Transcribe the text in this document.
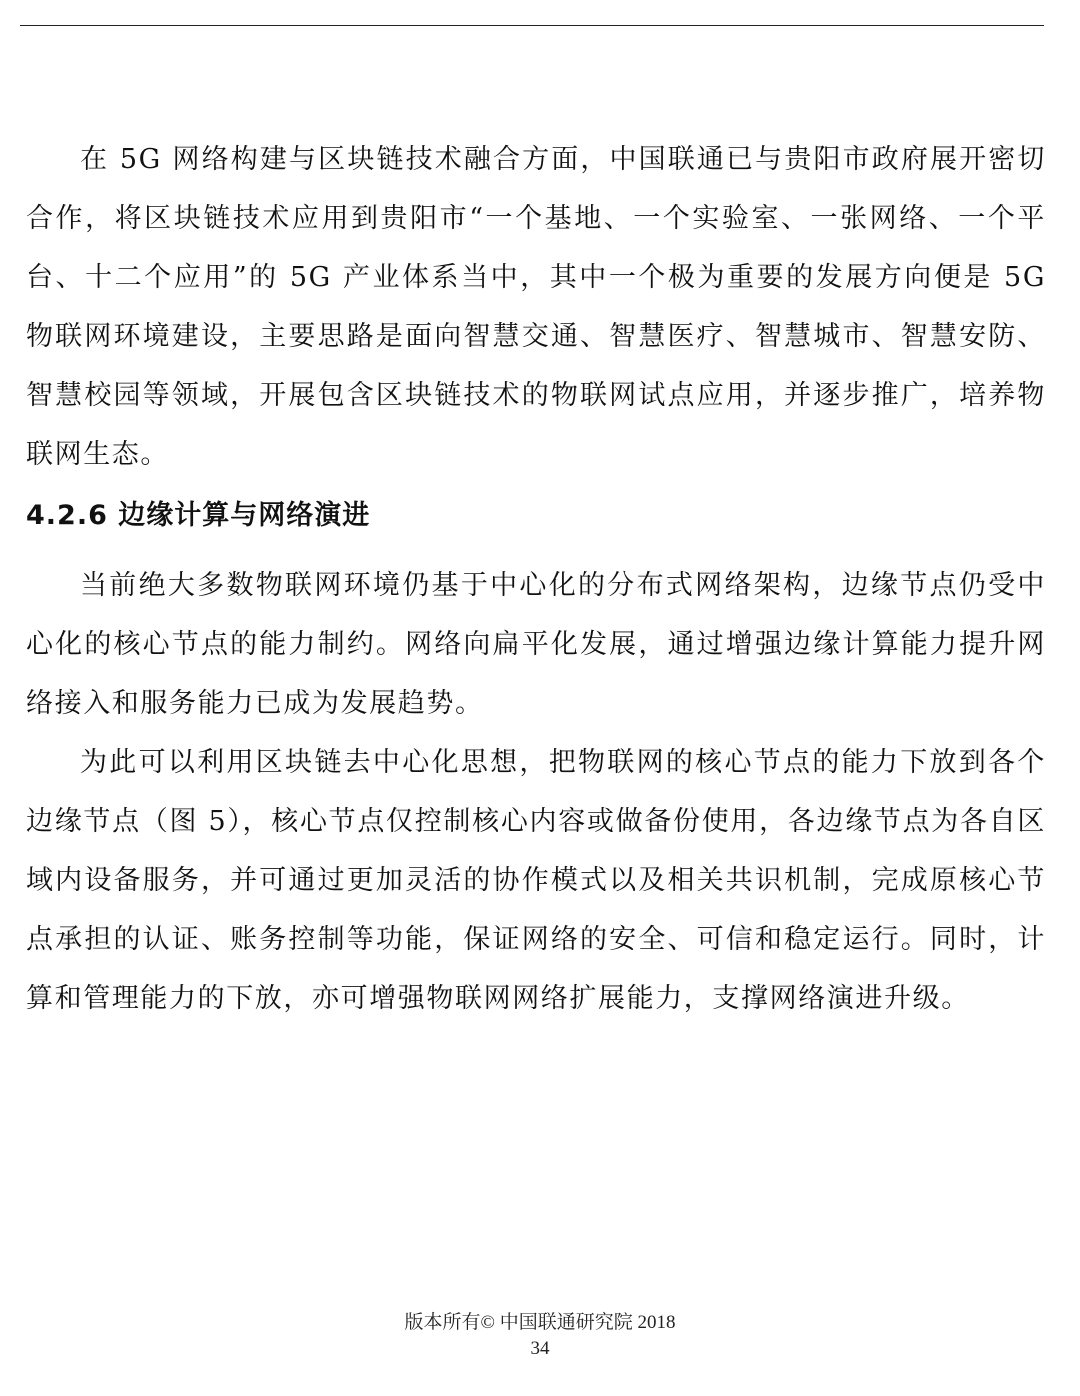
在 5G 网络构建与区块链技术融合方面，中国联通已与贵阳市政府展开密切合作，将区块链技术应用到贵阳市“一个基地、一个实验室、一张网络、一个平台、十二个应用”的 5G 产业体系当中，其中一个极为重要的发展方向便是 5G 物联网环境建设，主要思路是面向智慧交通、智慧医疗、智慧城市、智慧安防、智慧校园等领域，开展包含区块链技术的物联网试点应用，并逐步推广，培养物联网生态。

4.2.6 边缘计算与网络演进

当前绝大多数物联网环境仍基于中心化的分布式网络架构，边缘节点仍受中心化的核心节点的能力制约。网络向扁平化发展，通过增强边缘计算能力提升网络接入和服务能力已成为发展趋势。

为此可以利用区块链去中心化思想，把物联网的核心节点的能力下放到各个边缘节点（图 5），核心节点仅控制核心内容或做备份使用，各边缘节点为各自区域内设备服务，并可通过更加灵活的协作模式以及相关共识机制，完成原核心节点承担的认证、账务控制等功能，保证网络的安全、可信和稳定运行。同时，计算和管理能力的下放，亦可增强物联网网络扩展能力，支撑网络演进升级。

版本所有© 中国联通研究院 2018
34
